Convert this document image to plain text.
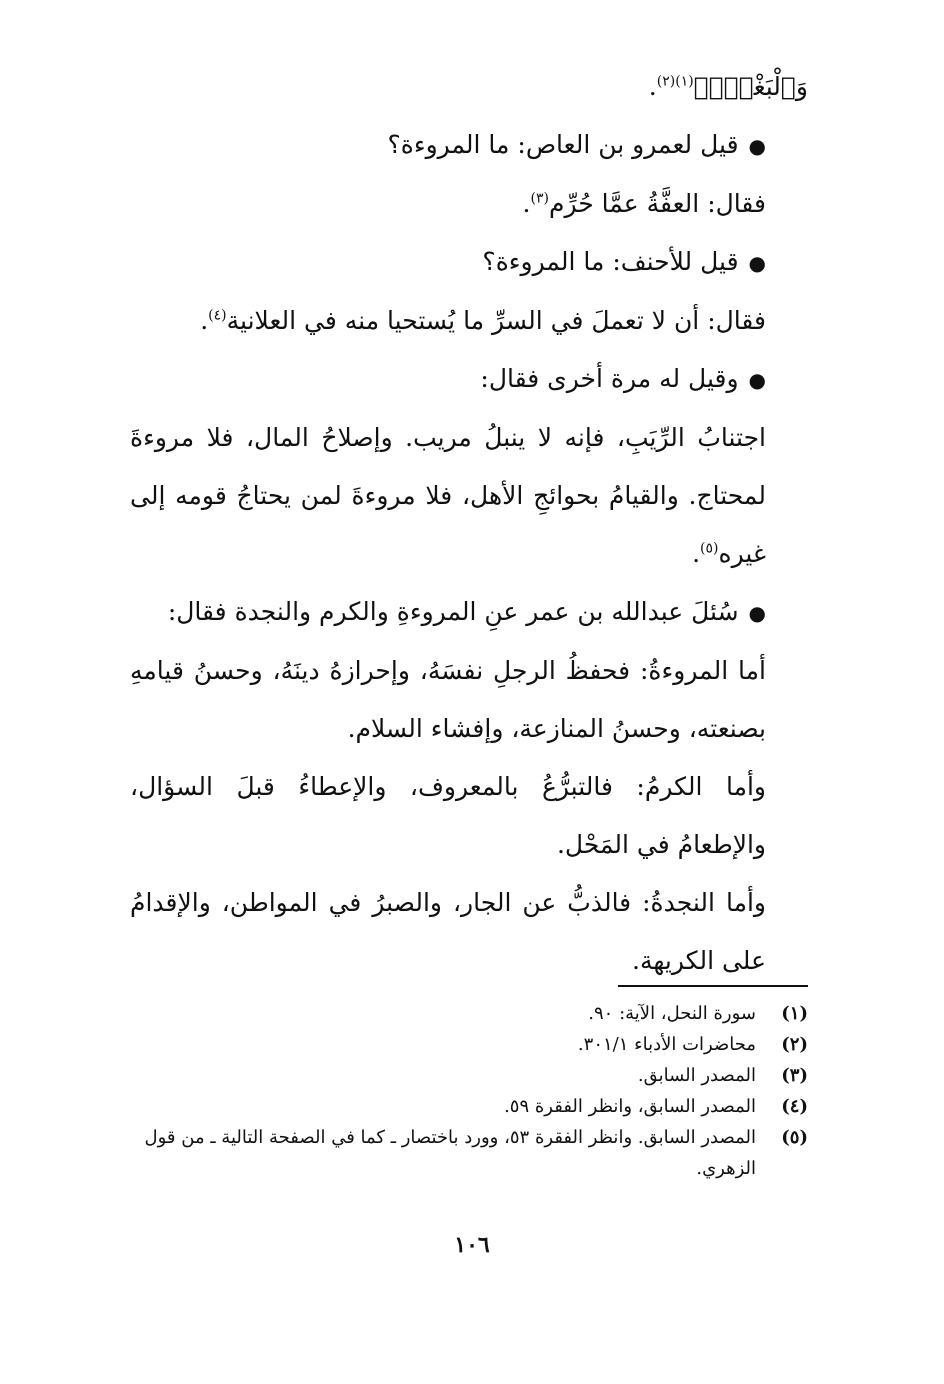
وَٱلْبَغْيِۚ﴾$^{(١)(٢)}$.

●قيل لعمرو بن العاص: ما المروءة؟

فقال: العفَّةُ عمَّا حُرِّم$^{(٣)}$.

●قيل للأحنف: ما المروءة؟

فقال: أن لا تعملَ في السرِّ ما يُستحيا منه في العلانية$^{(٤)}$.

●وقيل له مرة أخرى فقال:

اجتنابُ الرِّيَبِ، فإنه لا ينبلُ مريب. وإصلاحُ المال، فلا مروءةَ لمحتاج. والقيامُ بحوائجِ الأهل، فلا مروءةَ لمن يحتاجُ قومه إلى غيره$^{(٥)}$.

●سُئلَ عبدالله بن عمر عنِ المروءةِ والكرم والنجدة فقال:

أما المروءةُ: فحفظُ الرجلِ نفسَهُ، وإحرازهُ دينَهُ، وحسنُ قيامهِ بصنعته، وحسنُ المنازعة، وإفشاء السلام.

وأما الكرمُ: فالتبرُّعُ بالمعروف، والإعطاءُ قبلَ السؤال، والإطعامُ في المَحْل.

وأما النجدةُ: فالذبُّ عن الجار، والصبرُ في المواطن، والإقدامُ على الكريهة.

(١)
سورة النحل، الآية: ٩٠.
(٢)
محاضرات الأدباء ٣٠١/١.
(٣)
المصدر السابق.
(٤)
المصدر السابق، وانظر الفقرة ٥٩.
(٥)
المصدر السابق. وانظر الفقرة ٥٣، وورد باختصار ـ كما في الصفحة التالية ـ من قول الزهري.
١٠٦
